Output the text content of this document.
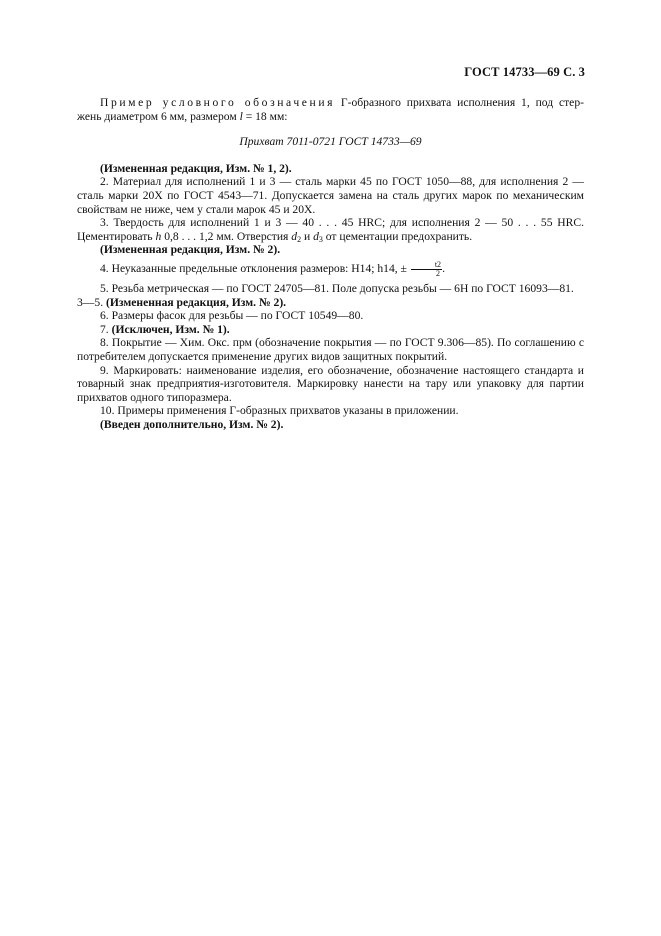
ГОСТ 14733—69 С. 3

Пример условного обозначения Г-образного прихвата исполнения 1, под стер-жень диаметром 6 мм, размером l = 18 мм:

Прихват 7011-0721 ГОСТ 14733—69

(Измененная редакция, Изм. № 1, 2).

2. Материал для исполнений 1 и 3 — сталь марки 45 по ГОСТ 1050—88, для исполнения 2 — сталь марки 20Х по ГОСТ 4543—71. Допускается замена на сталь других марок по механическим свойствам не ниже, чем у стали марок 45 и 20Х.

3. Твердость для исполнений 1 и 3 — 40 . . . 45 HRC; для исполнения 2 — 50 . . . 55 HRC. Цементировать h 0,8 . . . 1,2 мм. Отверстия $d_2$ и $d_3$ от цементации предохранить.

(Измененная редакция, Изм. № 2).

4. Неуказанные предельные отклонения размеров: Н14; h14, ± $\frac{t2}{2}$ .

5. Резьба метрическая — по ГОСТ 24705—81. Поле допуска резьбы — 6Н по ГОСТ 16093—81.

3—5. (Измененная редакция, Изм. № 2).

6. Размеры фасок для резьбы — по ГОСТ 10549—80.

7. (Исключен, Изм. № 1).

8. Покрытие — Хим. Окс. прм (обозначение покрытия — по ГОСТ 9.306—85). По соглашению с потребителем допускается применение других видов защитных покрытий.

9. Маркировать: наименование изделия, его обозначение, обозначение настоящего стандарта и товарный знак предприятия-изготовителя. Маркировку нанести на тару или упаковку для партии прихватов одного типоразмера.

10. Примеры применения Г-образных прихватов указаны в приложении.

(Введен дополнительно, Изм. № 2).
